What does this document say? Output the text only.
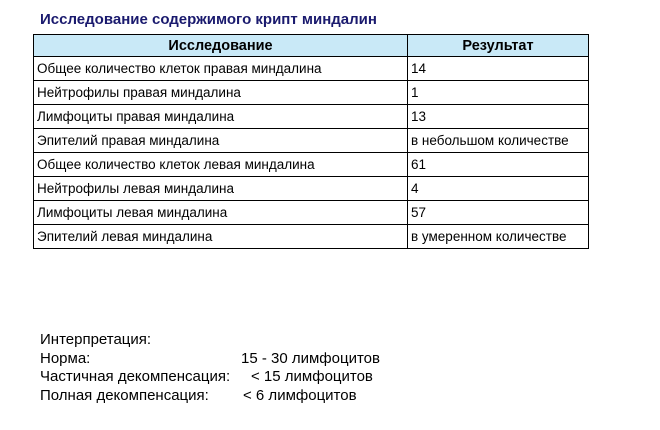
Исследование содержимого крипт миндалин
Исследование	Результат
Общее количество клеток правая миндалина	14
Нейтрофилы правая миндалина	1
Лимфоциты правая миндалина	13
Эпителий правая миндалина	в небольшом количестве
Общее количество клеток левая миндалина	61
Нейтрофилы левая миндалина	4
Лимфоциты левая миндалина	57
Эпителий левая миндалина	в умеренном количестве
Интерпретация:
Норма:	15 - 30 лимфоцитов
Частичная декомпенсация: < 15 лимфоцитов
Полная декомпенсация: < 6 лимфоцитов
